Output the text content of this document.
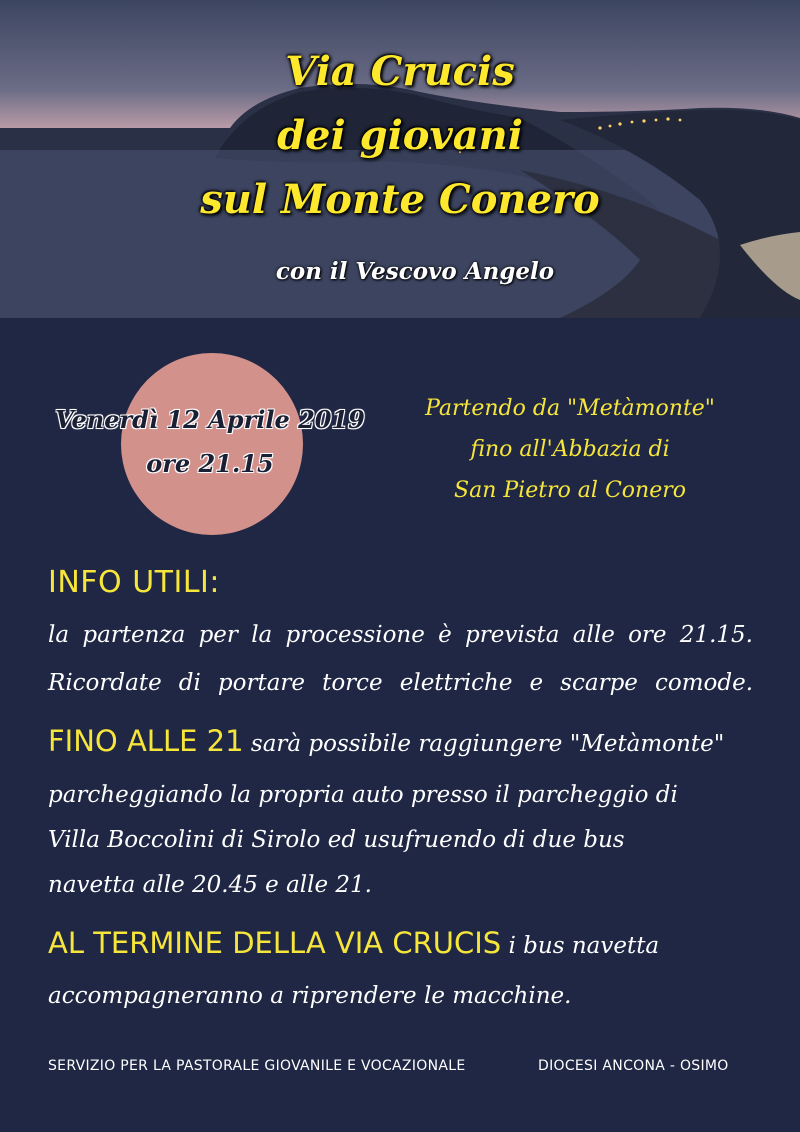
Via Crucis
dei giovani
sul Monte Conero
con il Vescovo Angelo
Venerdì 12 Aprile 2019
ore 21.15
Partendo da "Metàmonte"
fino all'Abbazia di
San Pietro al Conero
INFO UTILI:
la partenza per la processione è prevista alle ore 21.15.
Ricordate di portare torce elettriche e scarpe comode.
FINO ALLE 21 sarà possibile raggiungere "Metàmonte"
parcheggiando la propria auto presso il parcheggio di
Villa Boccolini di Sirolo ed usufruendo di due bus
navetta alle 20.45 e alle 21.
AL TERMINE DELLA VIA CRUCIS i bus navetta
accompagneranno a riprendere le macchine.
SERVIZIO PER LA PASTORALE GIOVANILE E VOCAZIONALE	DIOCESI ANCONA - OSIMO
